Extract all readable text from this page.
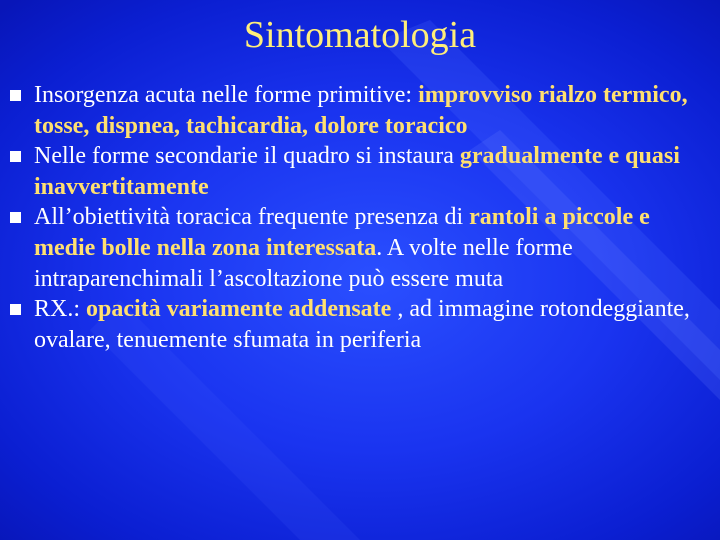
Sintomatologia
Insorgenza acuta nelle forme primitive: improvviso rialzo termico, tosse, dispnea, tachicardia, dolore toracico
Nelle forme secondarie il quadro si instaura gradualmente e quasi inavvertitamente
All’obiettività toracica frequente presenza di rantoli a piccole e medie bolle nella zona interessata. A volte nelle forme intraparenchimali l’ascoltazione può essere muta
RX.: opacità variamente addensate , ad immagine rotondeggiante, ovalare, tenuemente sfumata in periferia
